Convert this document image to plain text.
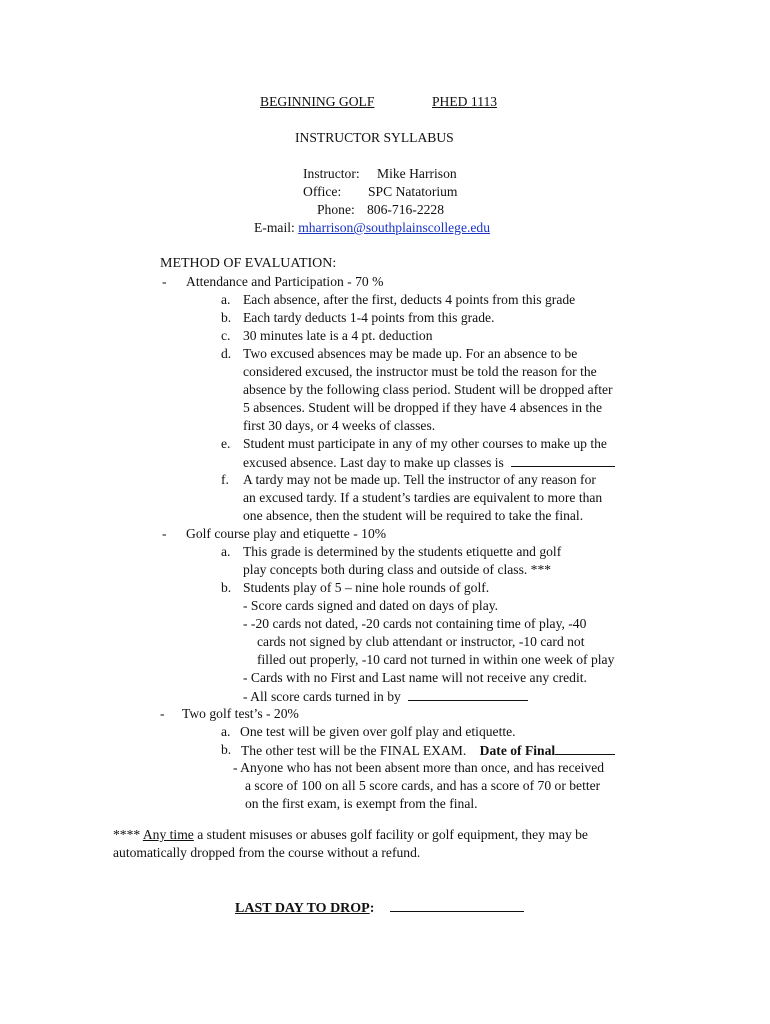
BEGINNING GOLF	PHED 1113
INSTRUCTOR SYLLABUS
Instructor: Mike Harrison
Office: SPC Natatorium
Phone: 806-716-2228
E-mail: mharrison@southplainscollege.edu
METHOD OF EVALUATION:
- Attendance and Participation - 70 %
a. Each absence, after the first, deducts 4 points from this grade
b. Each tardy deducts 1-4 points from this grade.
c. 30 minutes late is a 4 pt. deduction
d. Two excused absences may be made up. For an absence to be
considered excused, the instructor must be told the reason for the
absence by the following class period. Student will be dropped after
5 absences. Student will be dropped if they have 4 absences in the
first 30 days, or 4 weeks of classes.
e. Student must participate in any of my other courses to make up the
excused absence. Last day to make up classes is
f. A tardy may not be made up. Tell the instructor of any reason for
an excused tardy. If a student’s tardies are equivalent to more than
one absence, then the student will be required to take the final.
- Golf course play and etiquette - 10%
a. This grade is determined by the students etiquette and golf
play concepts both during class and outside of class. ***
b. Students play of 5 – nine hole rounds of golf.
- Score cards signed and dated on days of play.
- -20 cards not dated, -20 cards not containing time of play, -40
cards not signed by club attendant or instructor, -10 card not
filled out properly, -10 card not turned in within one week of play
- Cards with no First and Last name will not receive any credit.
- All score cards turned in by
- Two golf test’s - 20%
a. One test will be given over golf play and etiquette.
b. The other test will be the FINAL EXAM. Date of Final
- Anyone who has not been absent more than once, and has received
a score of 100 on all 5 score cards, and has a score of 70 or better
on the first exam, is exempt from the final.
**** Any time a student misuses or abuses golf facility or golf equipment, they may be
automatically dropped from the course without a refund.
LAST DAY TO DROP:
